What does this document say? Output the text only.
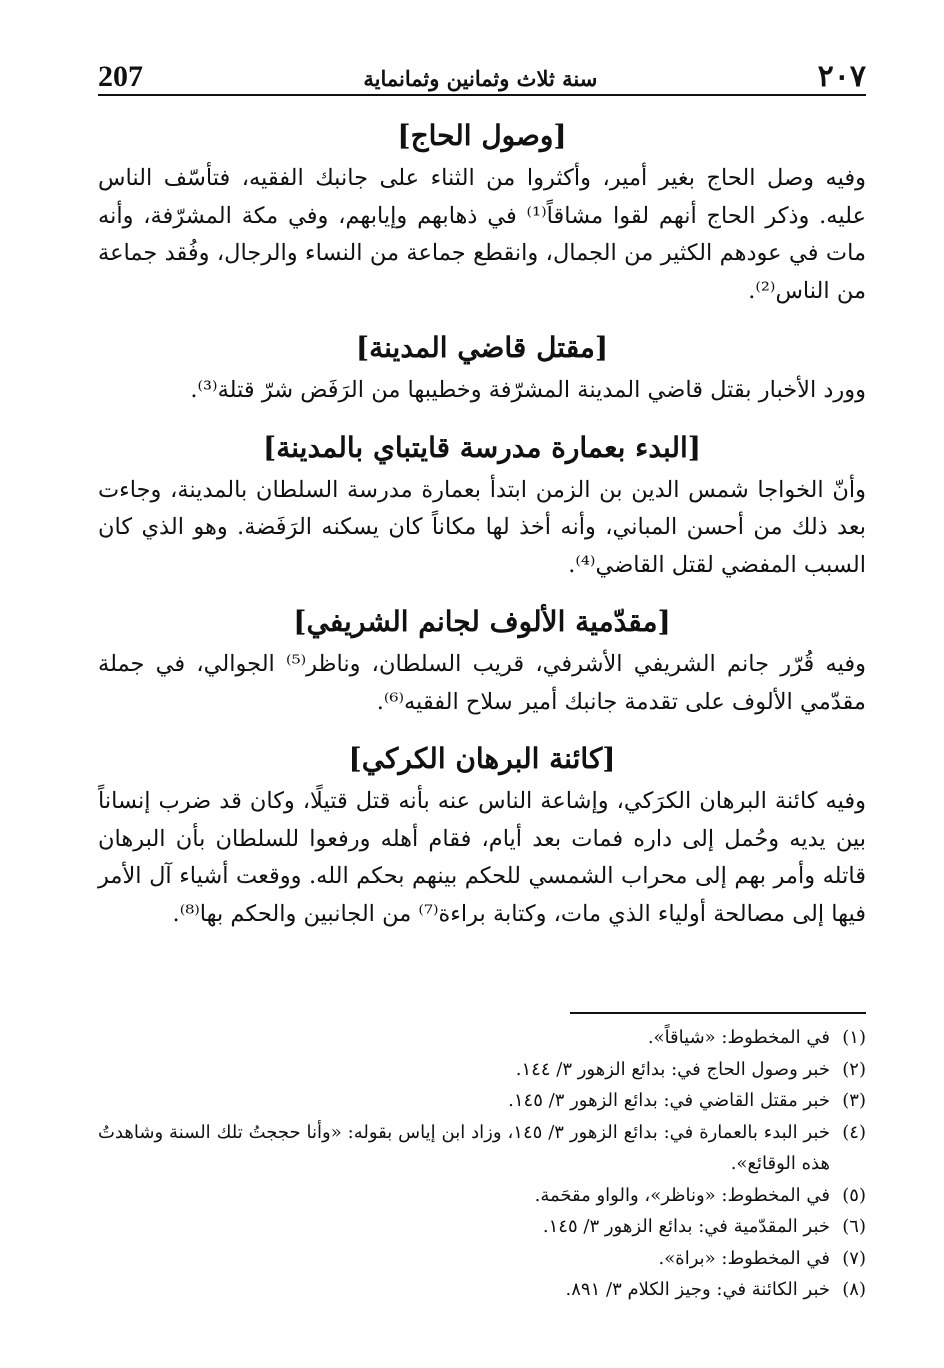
٢٠٧
سنة ثلاث وثمانين وثمانماية
207
[وصول الحاج]

وفيه وصل الحاج بغير أمير، وأكثروا من الثناء على جانبك الفقيه، فتأسّف الناس عليه. وذكر الحاج أنهم لقوا مشاقاً⁽¹⁾ في ذهابهم وإيابهم، وفي مكة المشرّفة، وأنه مات في عودهم الكثير من الجمال، وانقطع جماعة من النساء والرجال، وفُقد جماعة من الناس⁽²⁾.

[مقتل قاضي المدينة]

وورد الأخبار بقتل قاضي المدينة المشرّفة وخطيبها من الرَفَض شرّ قتلة⁽³⁾.

[البدء بعمارة مدرسة قايتباي بالمدينة]

وأنّ الخواجا شمس الدين بن الزمن ابتدأ بعمارة مدرسة السلطان بالمدينة، وجاءت بعد ذلك من أحسن المباني، وأنه أخذ لها مكاناً كان يسكنه الرَفَضة. وهو الذي كان السبب المفضي لقتل القاضي⁽⁴⁾.

[مقدّمية الألوف لجانم الشريفي]

وفيه قُرّر جانم الشريفي الأشرفي، قريب السلطان، وناظر⁽⁵⁾ الجوالي، في جملة مقدّمي الألوف على تقدمة جانبك أمير سلاح الفقيه⁽⁶⁾.

[كائنة البرهان الكركي]

وفيه كائنة البرهان الكرَكي، وإشاعة الناس عنه بأنه قتل قتيلًا، وكان قد ضرب إنساناً بين يديه وحُمل إلى داره فمات بعد أيام، فقام أهله ورفعوا للسلطان بأن البرهان قاتله وأمر بهم إلى محراب الشمسي للحكم بينهم بحكم الله. ووقعت أشياء آل الأمر فيها إلى مصالحة أولياء الذي مات، وكتابة براءة⁽⁷⁾ من الجانبين والحكم بها⁽⁸⁾.

(١)
في المخطوط: «شياقاً».
(٢)
خبر وصول الحاج في: بدائع الزهور ٣/ ١٤٤.
(٣)
خبر مقتل القاضي في: بدائع الزهور ٣/ ١٤٥.
(٤)
خبر البدء بالعمارة في: بدائع الزهور ٣/ ١٤٥، وزاد ابن إياس بقوله: «وأنا حججتُ تلك السنة وشاهدتُ هذه الوقائع».
(٥)
في المخطوط: «وناظر»، والواو مقحَمة.
(٦)
خبر المقدّمية في: بدائع الزهور ٣/ ١٤٥.
(٧)
في المخطوط: «براة».
(٨)
خبر الكائنة في: وجيز الكلام ٣/ ٨٩١.
